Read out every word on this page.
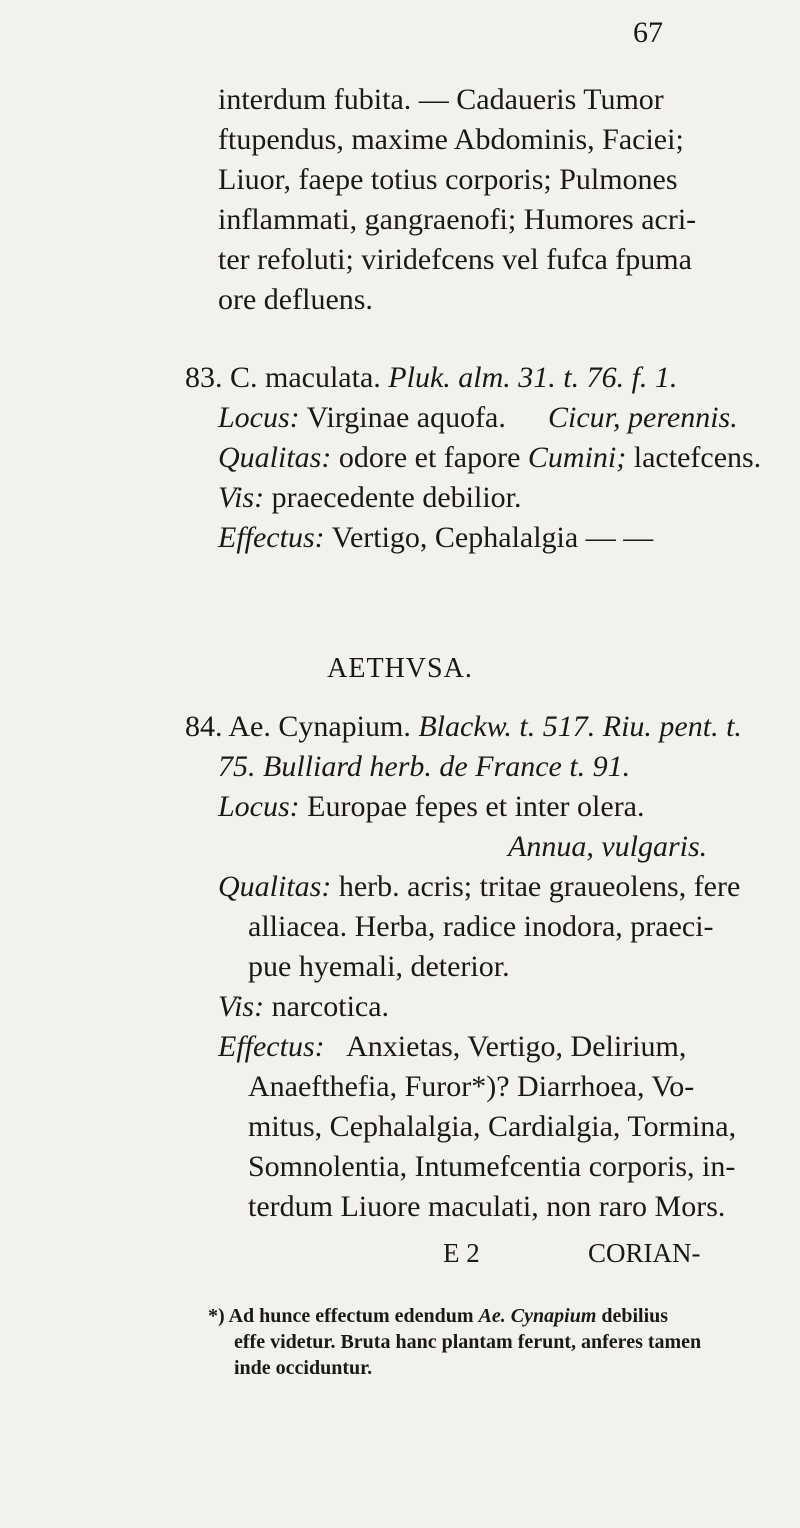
67
interdum fubita. — Cadaueris Tumor
ftupendus, maxime Abdominis, Faciei;
Liuor, faepe totius corporis; Pulmones
inflammati, gangraenofi; Humores acri-
ter refoluti; viridefcens vel fufca fpuma
ore defluens.
83. C. maculata. Pluk. alm. 31. t. 76. f. 1.
Locus: Virginae aquofa. Cicur, perennis.
Qualitas: odore et fapore Cumini; lactefcens.
Vis: praecedente debilior.
Effectus: Vertigo, Cephalalgia — —
AETHVSA.
84. Ae. Cynapium. Blackw. t. 517. Riu. pent. t.
75. Bulliard herb. de France t. 91.
Locus: Europae fepes et inter olera.
Annua, vulgaris.
Qualitas: herb. acris; tritae graueolens, fere
alliacea. Herba, radice inodora, praeci-
pue hyemali, deterior.
Vis: narcotica.
Effectus: Anxietas, Vertigo, Delirium,
Anaefthefia, Furor*)? Diarrhoea, Vo-
mitus, Cephalalgia, Cardialgia, Tormina,
Somnolentia, Intumefcentia corporis, in-
terdum Liuore maculati, non raro Mors.
E 2	CORIAN-
*) Ad hunce effectum edendum Ae. Cynapium debilius
effe videtur. Bruta hanc plantam ferunt, anferes tamen
inde occiduntur.
